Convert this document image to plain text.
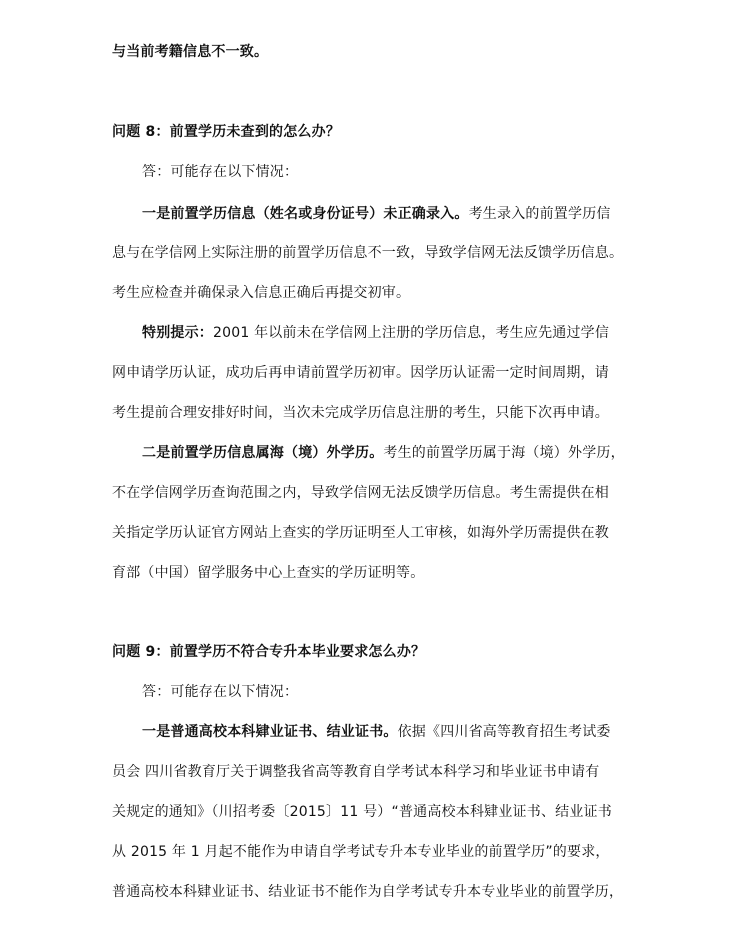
与当前考籍信息不一致。
问题 8：前置学历未查到的怎么办？
答：可能存在以下情况：
一是前置学历信息（姓名或身份证号）未正确录入。考生录入的前置学历信
息与在学信网上实际注册的前置学历信息不一致，导致学信网无法反馈学历信息。
考生应检查并确保录入信息正确后再提交初审。
特别提示：2001 年以前未在学信网上注册的学历信息，考生应先通过学信
网申请学历认证，成功后再申请前置学历初审。因学历认证需一定时间周期，请
考生提前合理安排好时间，当次未完成学历信息注册的考生，只能下次再申请。
二是前置学历信息属海（境）外学历。考生的前置学历属于海（境）外学历，
不在学信网学历查询范围之内，导致学信网无法反馈学历信息。考生需提供在相
关指定学历认证官方网站上查实的学历证明至人工审核，如海外学历需提供在教
育部（中国）留学服务中心上查实的学历证明等。
问题 9：前置学历不符合专升本毕业要求怎么办？
答：可能存在以下情况：
一是普通高校本科肄业证书、结业证书。依据《四川省高等教育招生考试委
员会 四川省教育厅关于调整我省高等教育自学考试本科学习和毕业证书申请有
关规定的通知》（川招考委〔2015〕11 号）“普通高校本科肄业证书、结业证书
从 2015 年 1 月起不能作为申请自学考试专升本专业毕业的前置学历”的要求，
普通高校本科肄业证书、结业证书不能作为自学考试专升本专业毕业的前置学历，
